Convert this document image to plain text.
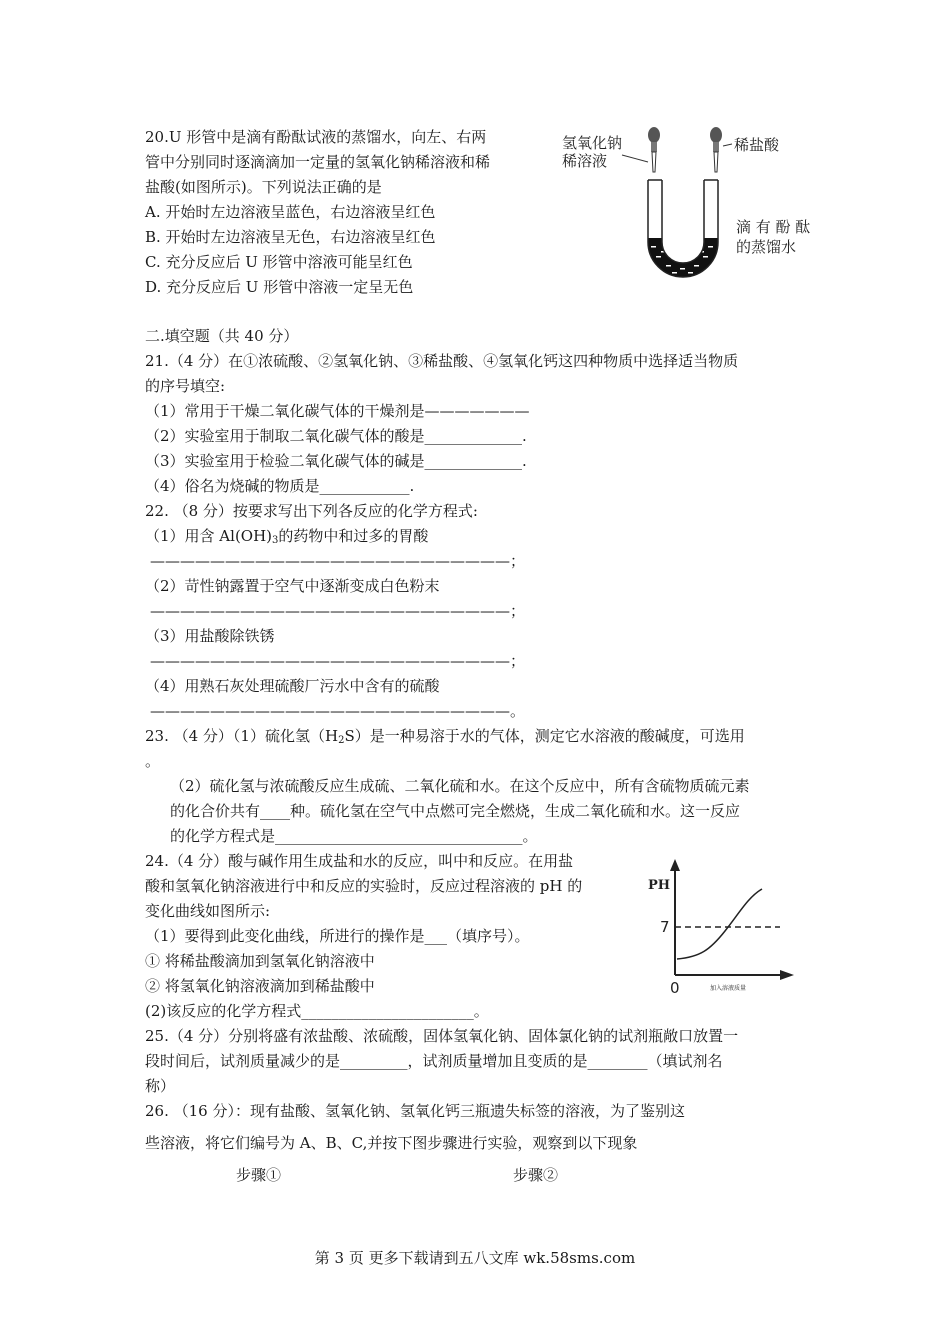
20.U 形管中是滴有酚酞试液的蒸馏水，向左、右两
管中分别同时逐滴滴加一定量的氢氧化钠稀溶液和稀
盐酸(如图所示)。下列说法正确的是
A. 开始时左边溶液呈蓝色，右边溶液呈红色
B. 开始时左边溶液呈无色，右边溶液呈红色
C. 充分反应后 U 形管中溶液可能呈红色
D. 充分反应后 U 形管中溶液一定呈无色
氢氧化钠
稀溶液
稀盐酸
滴 有 酚 酞
的蒸馏水
二.填空题（共 40 分）
21.（4 分）在①浓硫酸、②氢氧化钠、③稀盐酸、④氢氧化钙这四种物质中选择适当物质
的序号填空:
（1）常用于干燥二氧化碳气体的干燥剂是———————
（2）实验室用于制取二氧化碳气体的酸是_____________.
（3）实验室用于检验二氧化碳气体的碱是_____________.
（4）俗名为烧碱的物质是____________.
22. （8 分）按要求写出下列各反应的化学方程式:
（1）用含 $Al(OH)_3$的药物中和过多的胃酸
————————————————————————；
（2）苛性钠露置于空气中逐渐变成白色粉末
————————————————————————；
（3）用盐酸除铁锈
————————————————————————；
（4）用熟石灰处理硫酸厂污水中含有的硫酸
————————————————————————。
23. （4 分）（1）硫化氢$(H_2S)$是一种易溶于水的气体，测定它水溶液的酸碱度，可选用
。
（2）硫化氢与浓硫酸反应生成硫、二氧化硫和水。在这个反应中，所有含硫物质硫元素
的化合价共有____种。硫化氢在空气中点燃可完全燃烧，生成二氧化硫和水。这一反应
的化学方程式是_________________________________。
24.（4 分）酸与碱作用生成盐和水的反应，叫中和反应。在用盐
酸和氢氧化钠溶液进行中和反应的实验时，反应过程溶液的 pH 的
变化曲线如图所示:
（1）要得到此变化曲线，所进行的操作是___（填序号）。
① 将稀盐酸滴加到氢氧化钠溶液中
② 将氢氧化钠溶液滴加到稀盐酸中
(2)该反应的化学方程式_______________________。
PH
7
0	加入溶液质量
25.（4 分）分别将盛有浓盐酸、浓硫酸，固体氢氧化钠、固体氯化钠的试剂瓶敞口放置一
段时间后，试剂质量减少的是_________，试剂质量增加且变质的是________（填试剂名
称）
26. （16 分）：现有盐酸、氢氧化钠、氢氧化钙三瓶遗失标签的溶液，为了鉴别这
些溶液，将它们编号为 A、B、C,并按下图步骤进行实验，观察到以下现象
步骤①	步骤②
第 3 页 更多下载请到五八文库 wk.58sms.com
